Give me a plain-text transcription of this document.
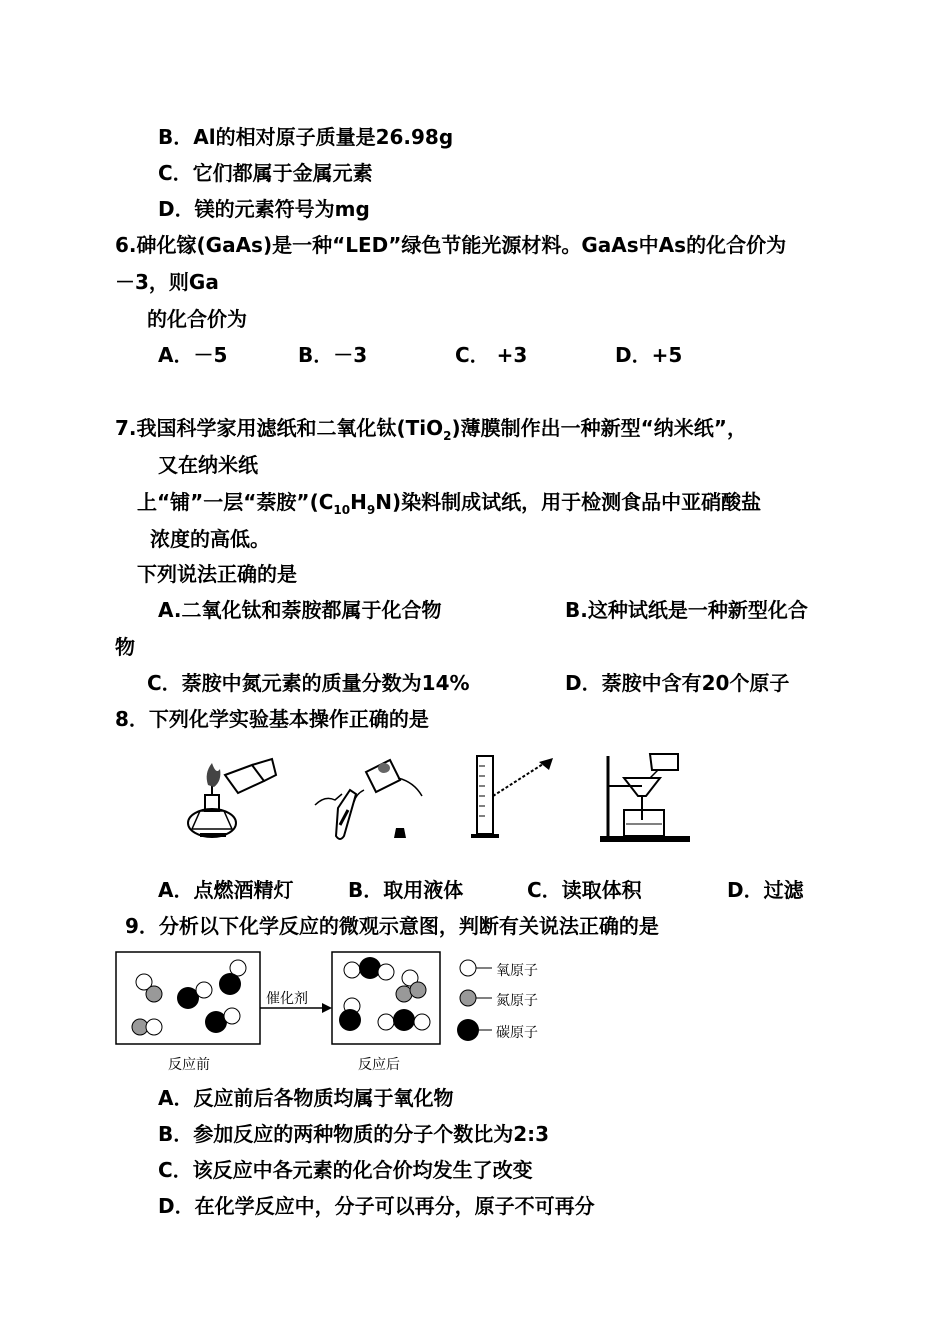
B．Al的相对原子质量是26.98g
C．它们都属于金属元素
D．镁的元素符号为mg
6.砷化镓(GaAs)是一种“LED”绿色节能光源材料。GaAs中As的化合价为
－3，则Ga
的化合价为
A．－5	B．－3	C． +3	D．+5
7.我国科学家用滤纸和二氧化钛(TiO$_2$)薄膜制作出一种新型“纳米纸”，
又在纳米纸
上“铺”一层“萘胺$”(C_{10}H_9N)$染料制成试纸，用于检测食品中亚硝酸盐
浓度的高低。
下列说法正确的是
A.二氧化钛和萘胺都属于化合物	B.这种试纸是一种新型化合
物
C．萘胺中氮元素的质量分数为14%	D．萘胺中含有20个原子
8．下列化学实验基本操作正确的是
A．点燃酒精灯	B．取用液体	C．读取体积	D．过滤
9．分析以下化学反应的微观示意图，判断有关说法正确的是
催化剂
反应前	反应后
氧原子
氮原子
碳原子
A．反应前后各物质均属于氧化物
B．参加反应的两种物质的分子个数比为2:3
C．该反应中各元素的化合价均发生了改变
D．在化学反应中，分子可以再分，原子不可再分
